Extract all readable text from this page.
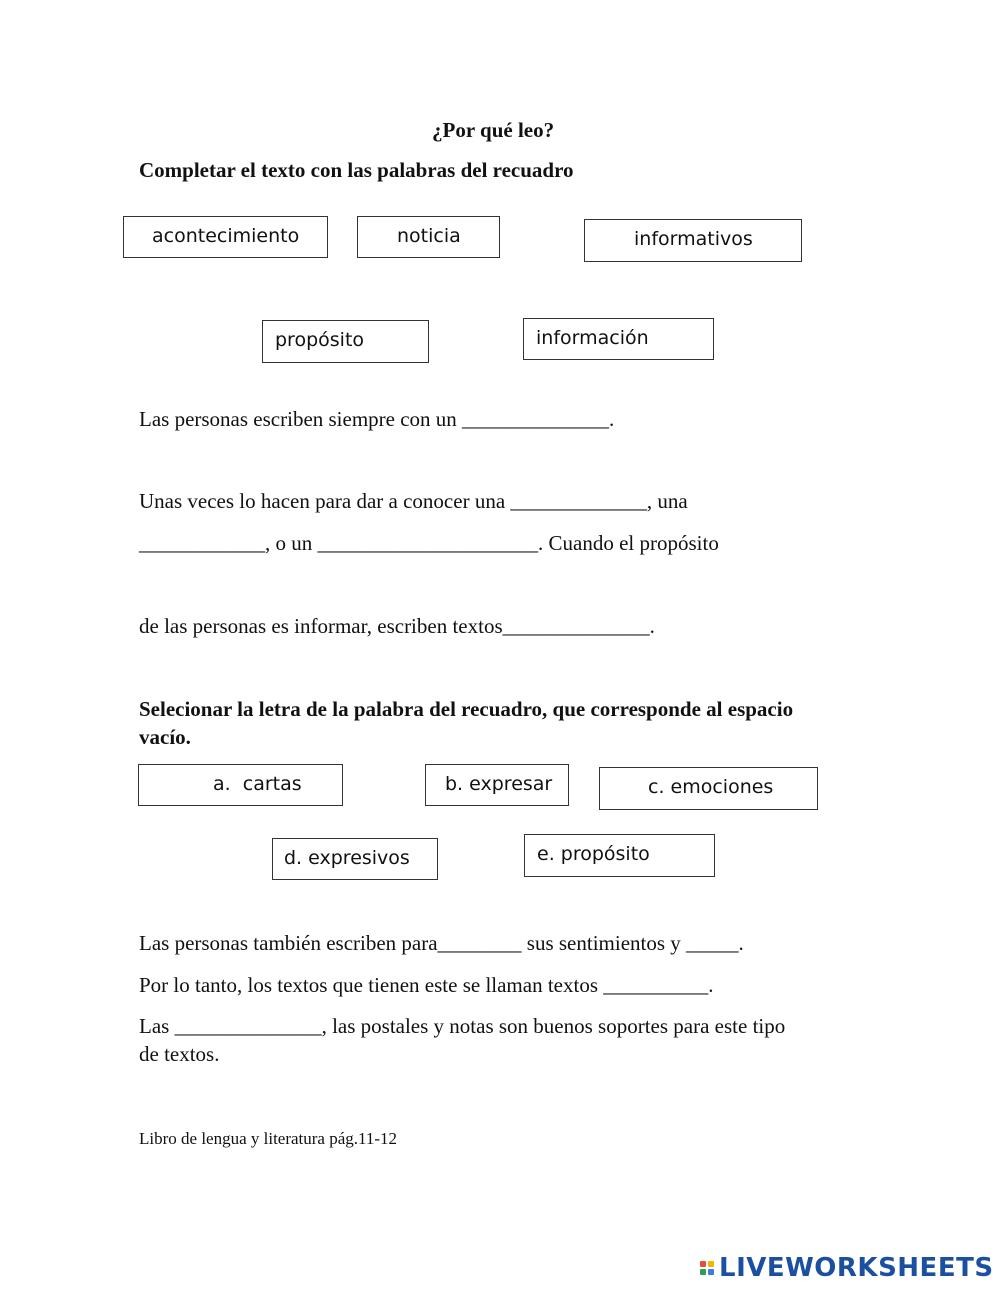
¿Por qué leo?
Completar el texto con las palabras del recuadro
acontecimiento	noticia	informativos
propósito	información
Las personas escriben siempre con un ______________.
Unas veces lo hacen para dar a conocer una _____________, una
____________, o un _____________________. Cuando el propósito
de las personas es informar, escriben textos______________.
Selecionar la letra de la palabra del recuadro, que corresponde al espacio
vacío.
a.  cartas	b. expresar	c. emociones
d. expresivos	e. propósito
Las personas también escriben para________ sus sentimientos y _____.
Por lo tanto, los textos que tienen este se llaman textos __________.
Las ______________, las postales y notas son buenos soportes para este tipo
de textos.
Libro de lengua y literatura pág.11-12
LIVEWORKSHEETS
